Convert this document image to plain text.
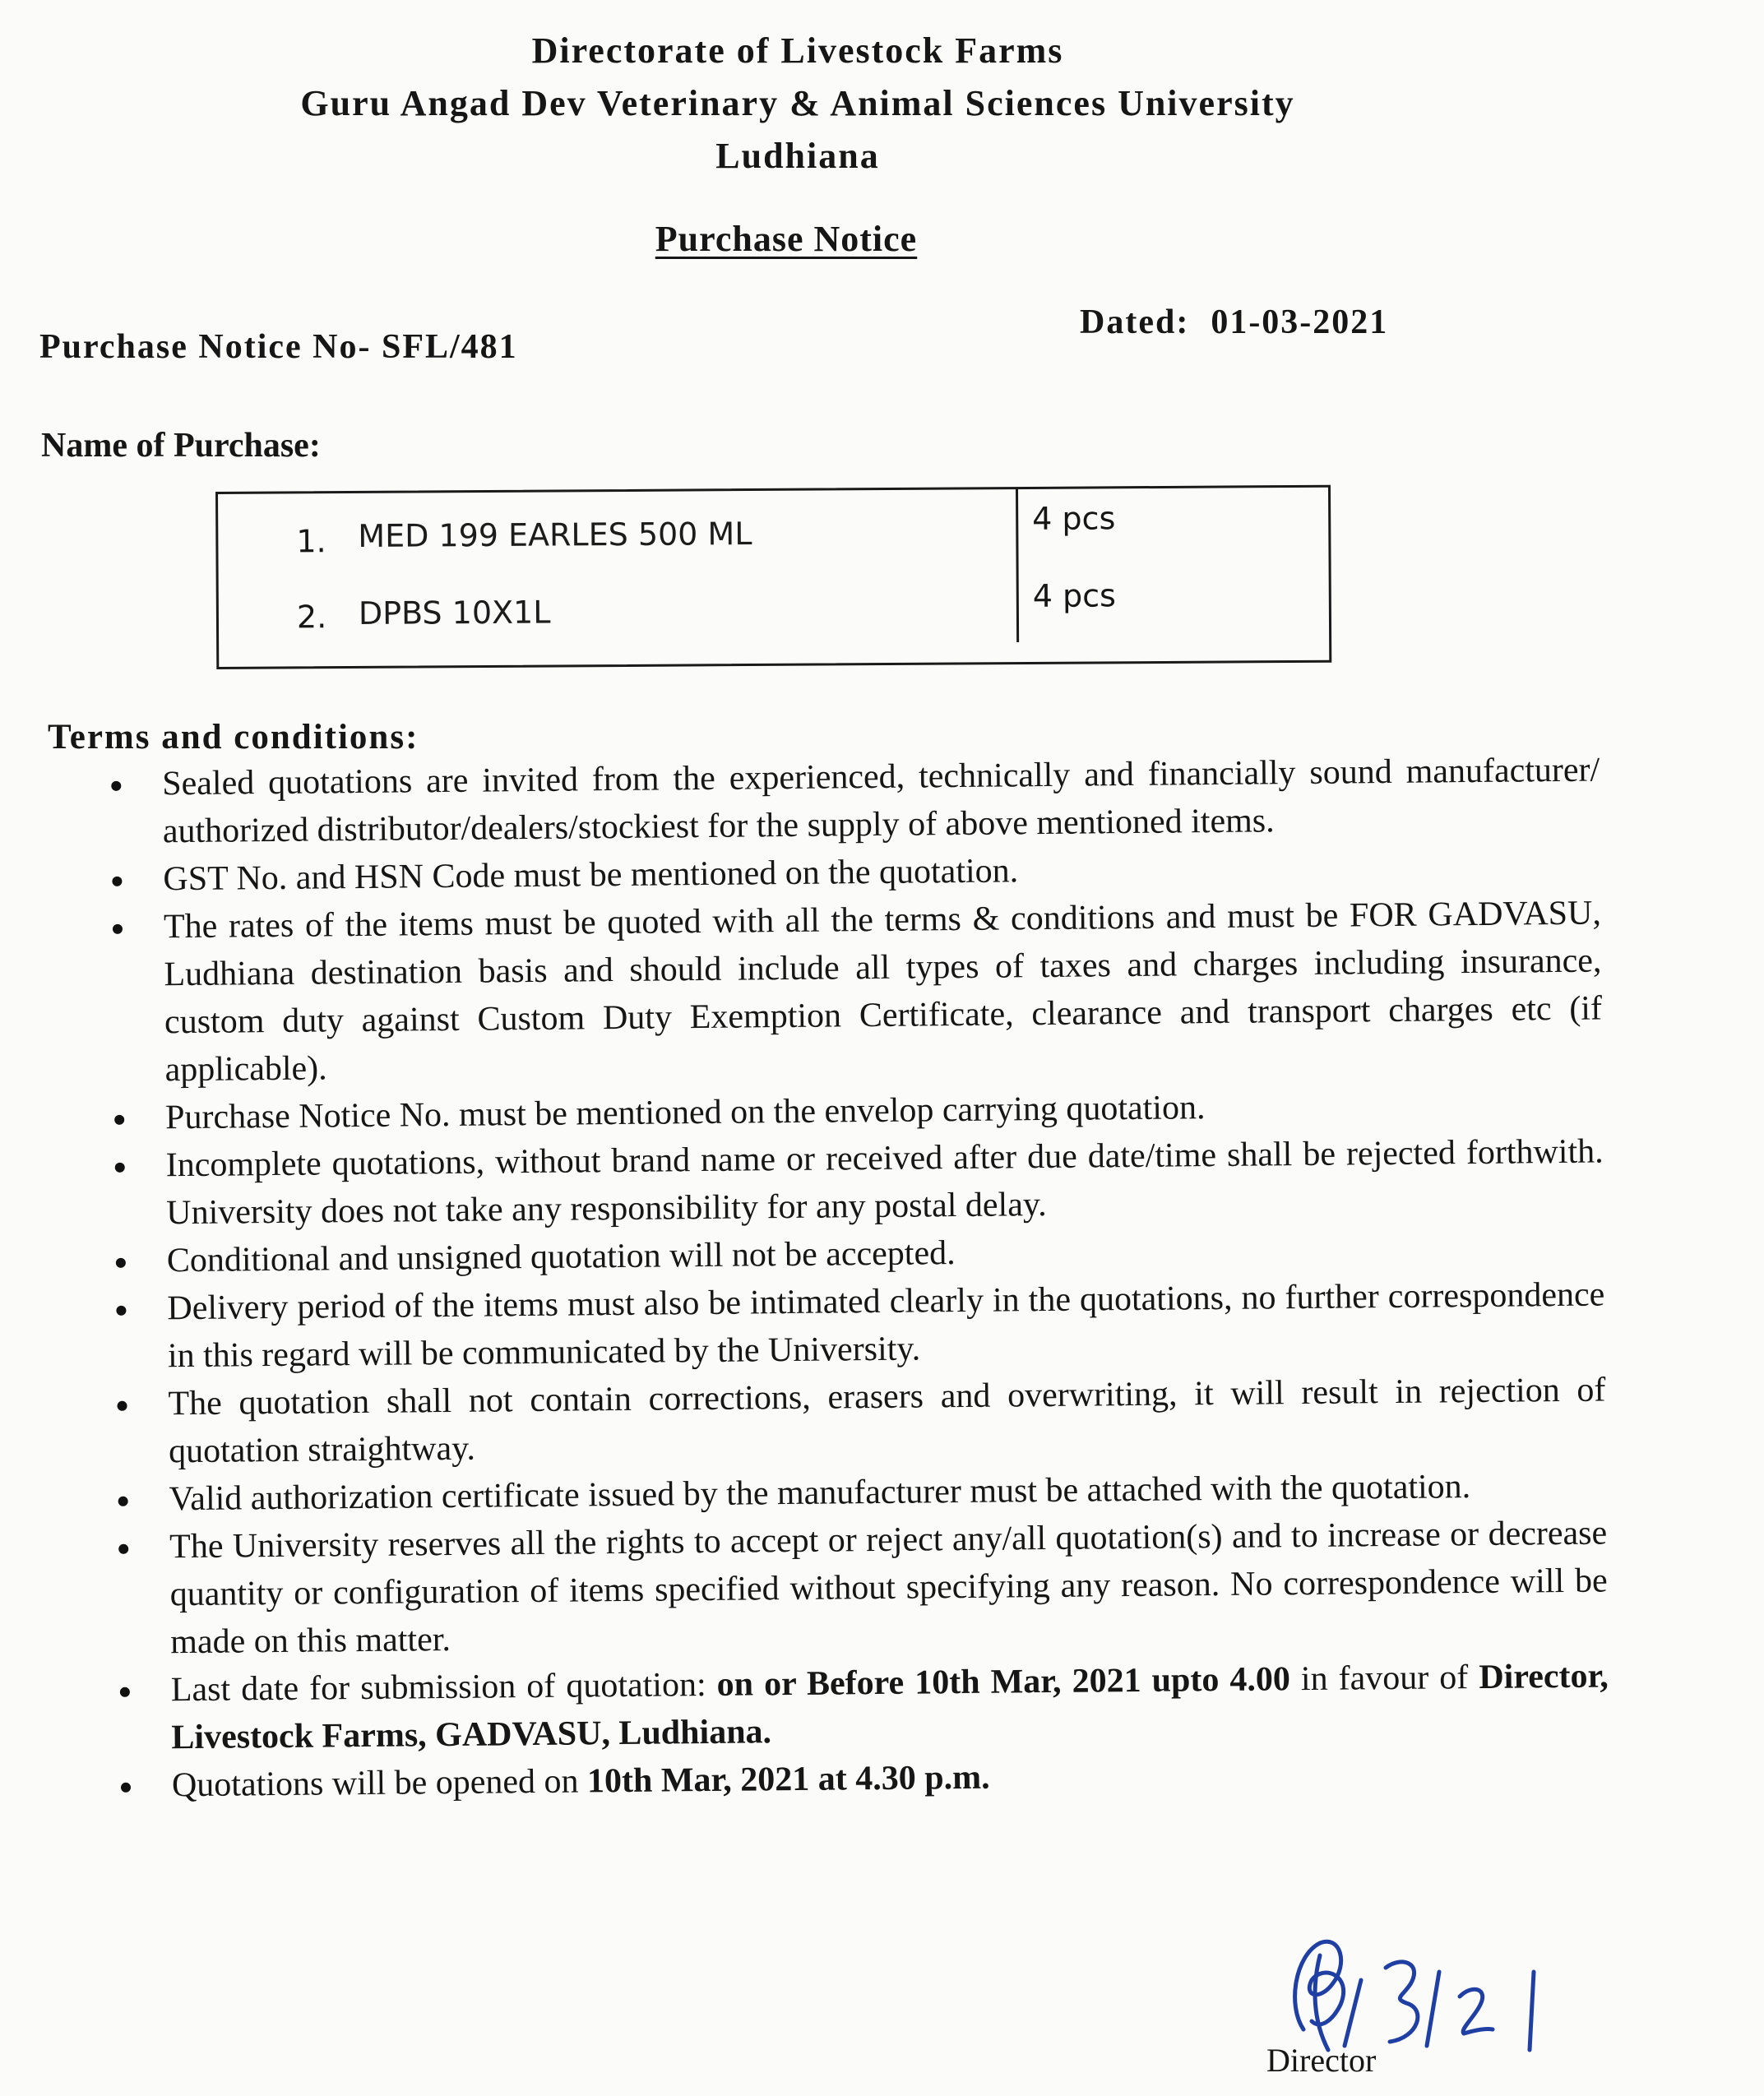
Directorate of Livestock Farms
Guru Angad Dev Veterinary & Animal Sciences University
Ludhiana
Purchase Notice
Purchase Notice No- SFL/481
Dated: 01-03-2021
Name of Purchase:
1. MED 199 EARLES 500 ML	4 pcs
2. DPBS 10X1L	4 pcs
Terms and conditions:
Sealed quotations are invited from the experienced, technically and financially sound manufacturer/ authorized distributor/dealers/stockiest for the supply of above mentioned items.
GST No. and HSN Code must be mentioned on the quotation.
The rates of the items must be quoted with all the terms & conditions and must be FOR GADVASU, Ludhiana destination basis and should include all types of taxes and charges including insurance, custom duty against Custom Duty Exemption Certificate, clearance and transport charges etc (if applicable).
Purchase Notice No. must be mentioned on the envelop carrying quotation.
Incomplete quotations, without brand name or received after due date/time shall be rejected forthwith. University does not take any responsibility for any postal delay.
Conditional and unsigned quotation will not be accepted.
Delivery period of the items must also be intimated clearly in the quotations, no further correspondence in this regard will be communicated by the University.
The quotation shall not contain corrections, erasers and overwriting, it will result in rejection of quotation straightway.
Valid authorization certificate issued by the manufacturer must be attached with the quotation.
The University reserves all the rights to accept or reject any/all quotation(s) and to increase or decrease quantity or configuration of items specified without specifying any reason. No correspondence will be made on this matter.
Last date for submission of quotation: on or Before 10th Mar, 2021 upto 4.00 in favour of Director, Livestock Farms, GADVASU, Ludhiana.
Quotations will be opened on 10th Mar, 2021 at 4.30 p.m.
Director
